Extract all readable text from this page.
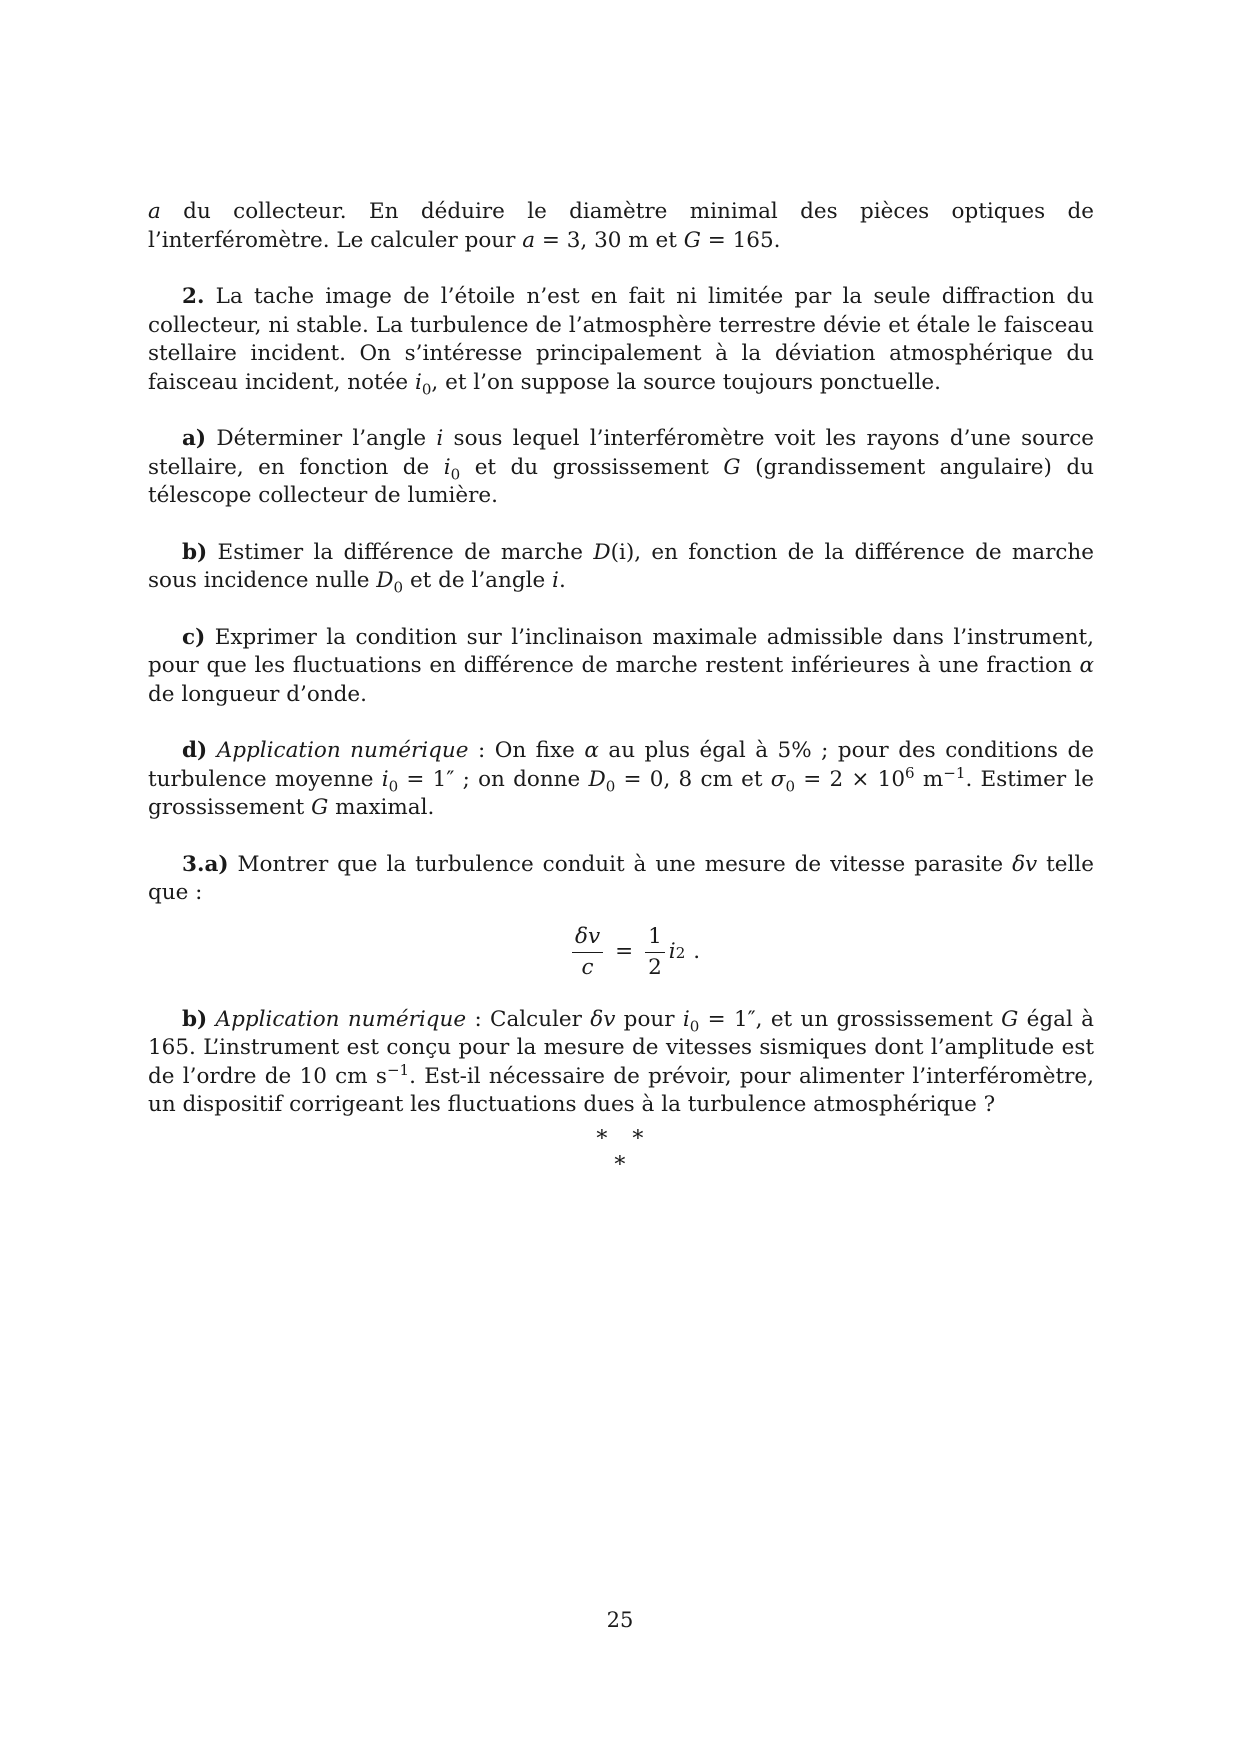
a du collecteur. En déduire le diamètre minimal des pièces optiques de l’interféromètre. Le calculer pour a = 3, 30 m et G = 165.

2. La tache image de l’étoile n’est en fait ni limitée par la seule diffraction du collecteur, ni stable. La turbulence de l’atmosphère terrestre dévie et étale le faisceau stellaire incident. On s’intéresse principalement à la déviation atmosphérique du faisceau incident, notée $i_0$, et l’on suppose la source toujours ponctuelle.

a) Déterminer l’angle i sous lequel l’interféromètre voit les rayons d’une source stellaire, en fonction de $i_0$ et du grossissement G (grandissement angulaire) du télescope collecteur de lumière.

b) Estimer la différence de marche D(i), en fonction de la différence de marche sous incidence nulle $D_0$ et de l’angle i.

c) Exprimer la condition sur l’inclinaison maximale admissible dans l’instrument, pour que les fluctuations en différence de marche restent inférieures à une fraction α de longueur d’onde.

d) Application numérique : On fixe α au plus égal à 5% ; pour des conditions de turbulence moyenne $i_0 = 1''$ ; on donne $D_0 = 0$, 8 cm et $\sigma_0 = 2 \times 10^6$ $m^{-1}$. Estimer le grossissement G maximal.

3.a) Montrer que la turbulence conduit à une mesure de vitesse parasite δv telle que :

$\frac{\delta v}{c} = \frac{1}{2}$ i 2 .

b) Application numérique : Calculer δv pour $i_0 = 1''$, et un grossissement G égal à 165. L’instrument est conçu pour la mesure de vitesses sismiques dont l’amplitude est de l’ordre de 10 cm $s^{-1}$. Est-il nécessaire de prévoir, pour alimenter l’interféromètre, un dispositif corrigeant les fluctuations dues à la turbulence atmosphérique ?

∗   ∗
∗
25
